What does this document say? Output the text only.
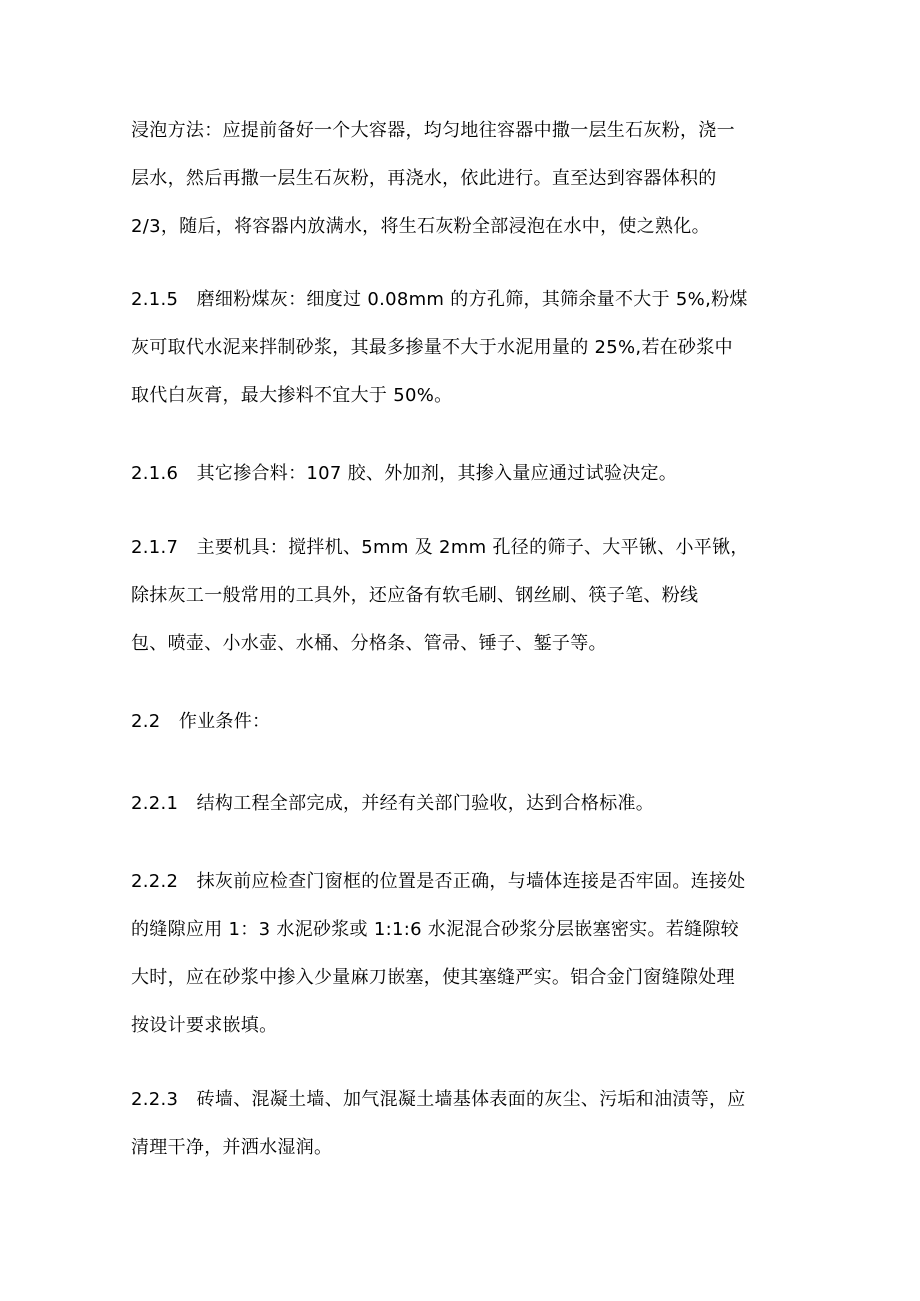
浸泡方法：应提前备好一个大容器，均匀地往容器中撒一层生石灰粉，浇一
层水，然后再撒一层生石灰粉，再浇水，依此进行。直至达到容器体积的
2/3，随后，将容器内放满水，将生石灰粉全部浸泡在水中，使之熟化。
2.1.5　磨细粉煤灰：细度过 0.08mm 的方孔筛，其筛余量不大于 5%,粉煤
灰可取代水泥来拌制砂浆，其最多掺量不大于水泥用量的 25%,若在砂浆中
取代白灰膏，最大掺料不宜大于 50%。
2.1.6　其它掺合料：107 胶、外加剂，其掺入量应通过试验决定。
2.1.7　主要机具：搅拌机、5mm 及 2mm 孔径的筛子、大平锹、小平锹，
除抹灰工一般常用的工具外，还应备有软毛刷、钢丝刷、筷子笔、粉线
包、喷壶、小水壶、水桶、分格条、管帚、锤子、錾子等。
2.2　作业条件：
2.2.1　结构工程全部完成，并经有关部门验收，达到合格标准。
2.2.2　抹灰前应检查门窗框的位置是否正确，与墙体连接是否牢固。连接处
的缝隙应用 1：3 水泥砂浆或 1:1:6 水泥混合砂浆分层嵌塞密实。若缝隙较
大时，应在砂浆中掺入少量麻刀嵌塞，使其塞缝严实。铝合金门窗缝隙处理
按设计要求嵌填。
2.2.3　砖墙、混凝土墙、加气混凝土墙基体表面的灰尘、污垢和油渍等，应
清理干净，并洒水湿润。
